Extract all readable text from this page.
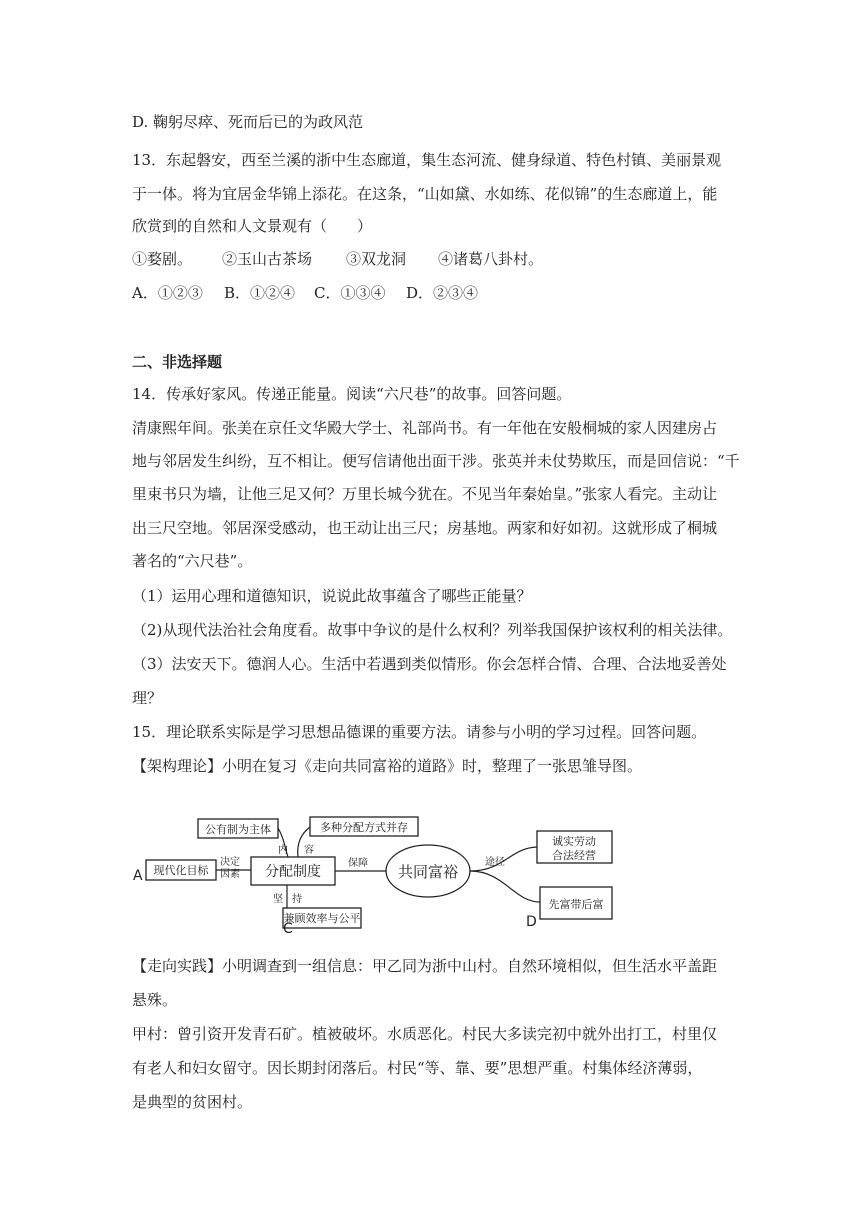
D. 鞠躬尽瘁、死而后已的为政风范
13．东起磐安，西至兰溪的浙中生态廊道，集生态河流、健身绿道、特色村镇、美丽景观
于一体。将为宜居金华锦上添花。在这条，“山如黛、水如练、花似锦”的生态廊道上，能
欣赏到的自然和人文景观有（　　）
①婺剧。 ②玉山古茶场 ③双龙洞 ④诸葛八卦村。
A．①②③ B．①②④ C．①③④ D．②③④
二、非选择题
14．传承好家风。传递正能量。阅读“六尺巷”的故事。回答问题。
清康熙年间。张美在京任文华殿大学士、礼部尚书。有一年他在安般桐城的家人因建房占
地与邻居发生纠纷，互不相让。便写信请他出面干涉。张英并未仗势欺压，而是回信说：“千
里束书只为墙，让他三足又何？万里长城今犹在。不见当年秦始皇。”张家人看完。主动让
出三尺空地。邻居深受感动，也王动让出三尺；房基地。两家和好如初。这就形成了桐城
著名的“六尺巷”。
（1）运用心理和道德知识，说说此故事蕴含了哪些正能量？
（2)从现代法治社会角度看。故事中争议的是什么权利？列举我国保护该权利的相关法律。
（3）法安天下。德润人心。生活中若遇到类似情形。你会怎样合情、合理、合法地妥善处
理？
15．理论联系实际是学习思想品德课的重要方法。请参与小明的学习过程。回答问题。
【架构理论】小明在复习《走向共同富裕的道路》时，整理了一张思雏导图。
公有制为主体	多种分配方式并存
A 现代化目标	分配制度	共同富裕
诚实劳动
合法经营
先富带后富
D
兼顾效率与公平
C
内 容
决定
因素
保障	途径
坚 持
【走向实践】小明调查到一组信息：甲乙同为浙中山村。自然环境相似，但生活水平盖距
悬殊。
甲村：曾引资开发青石矿。植被破坏。水质恶化。村民大多读完初中就外出打工，村里仅
有老人和妇女留守。因长期封闭落后。村民“等、靠、要”思想严重。村集体经济薄弱，
是典型的贫困村。
